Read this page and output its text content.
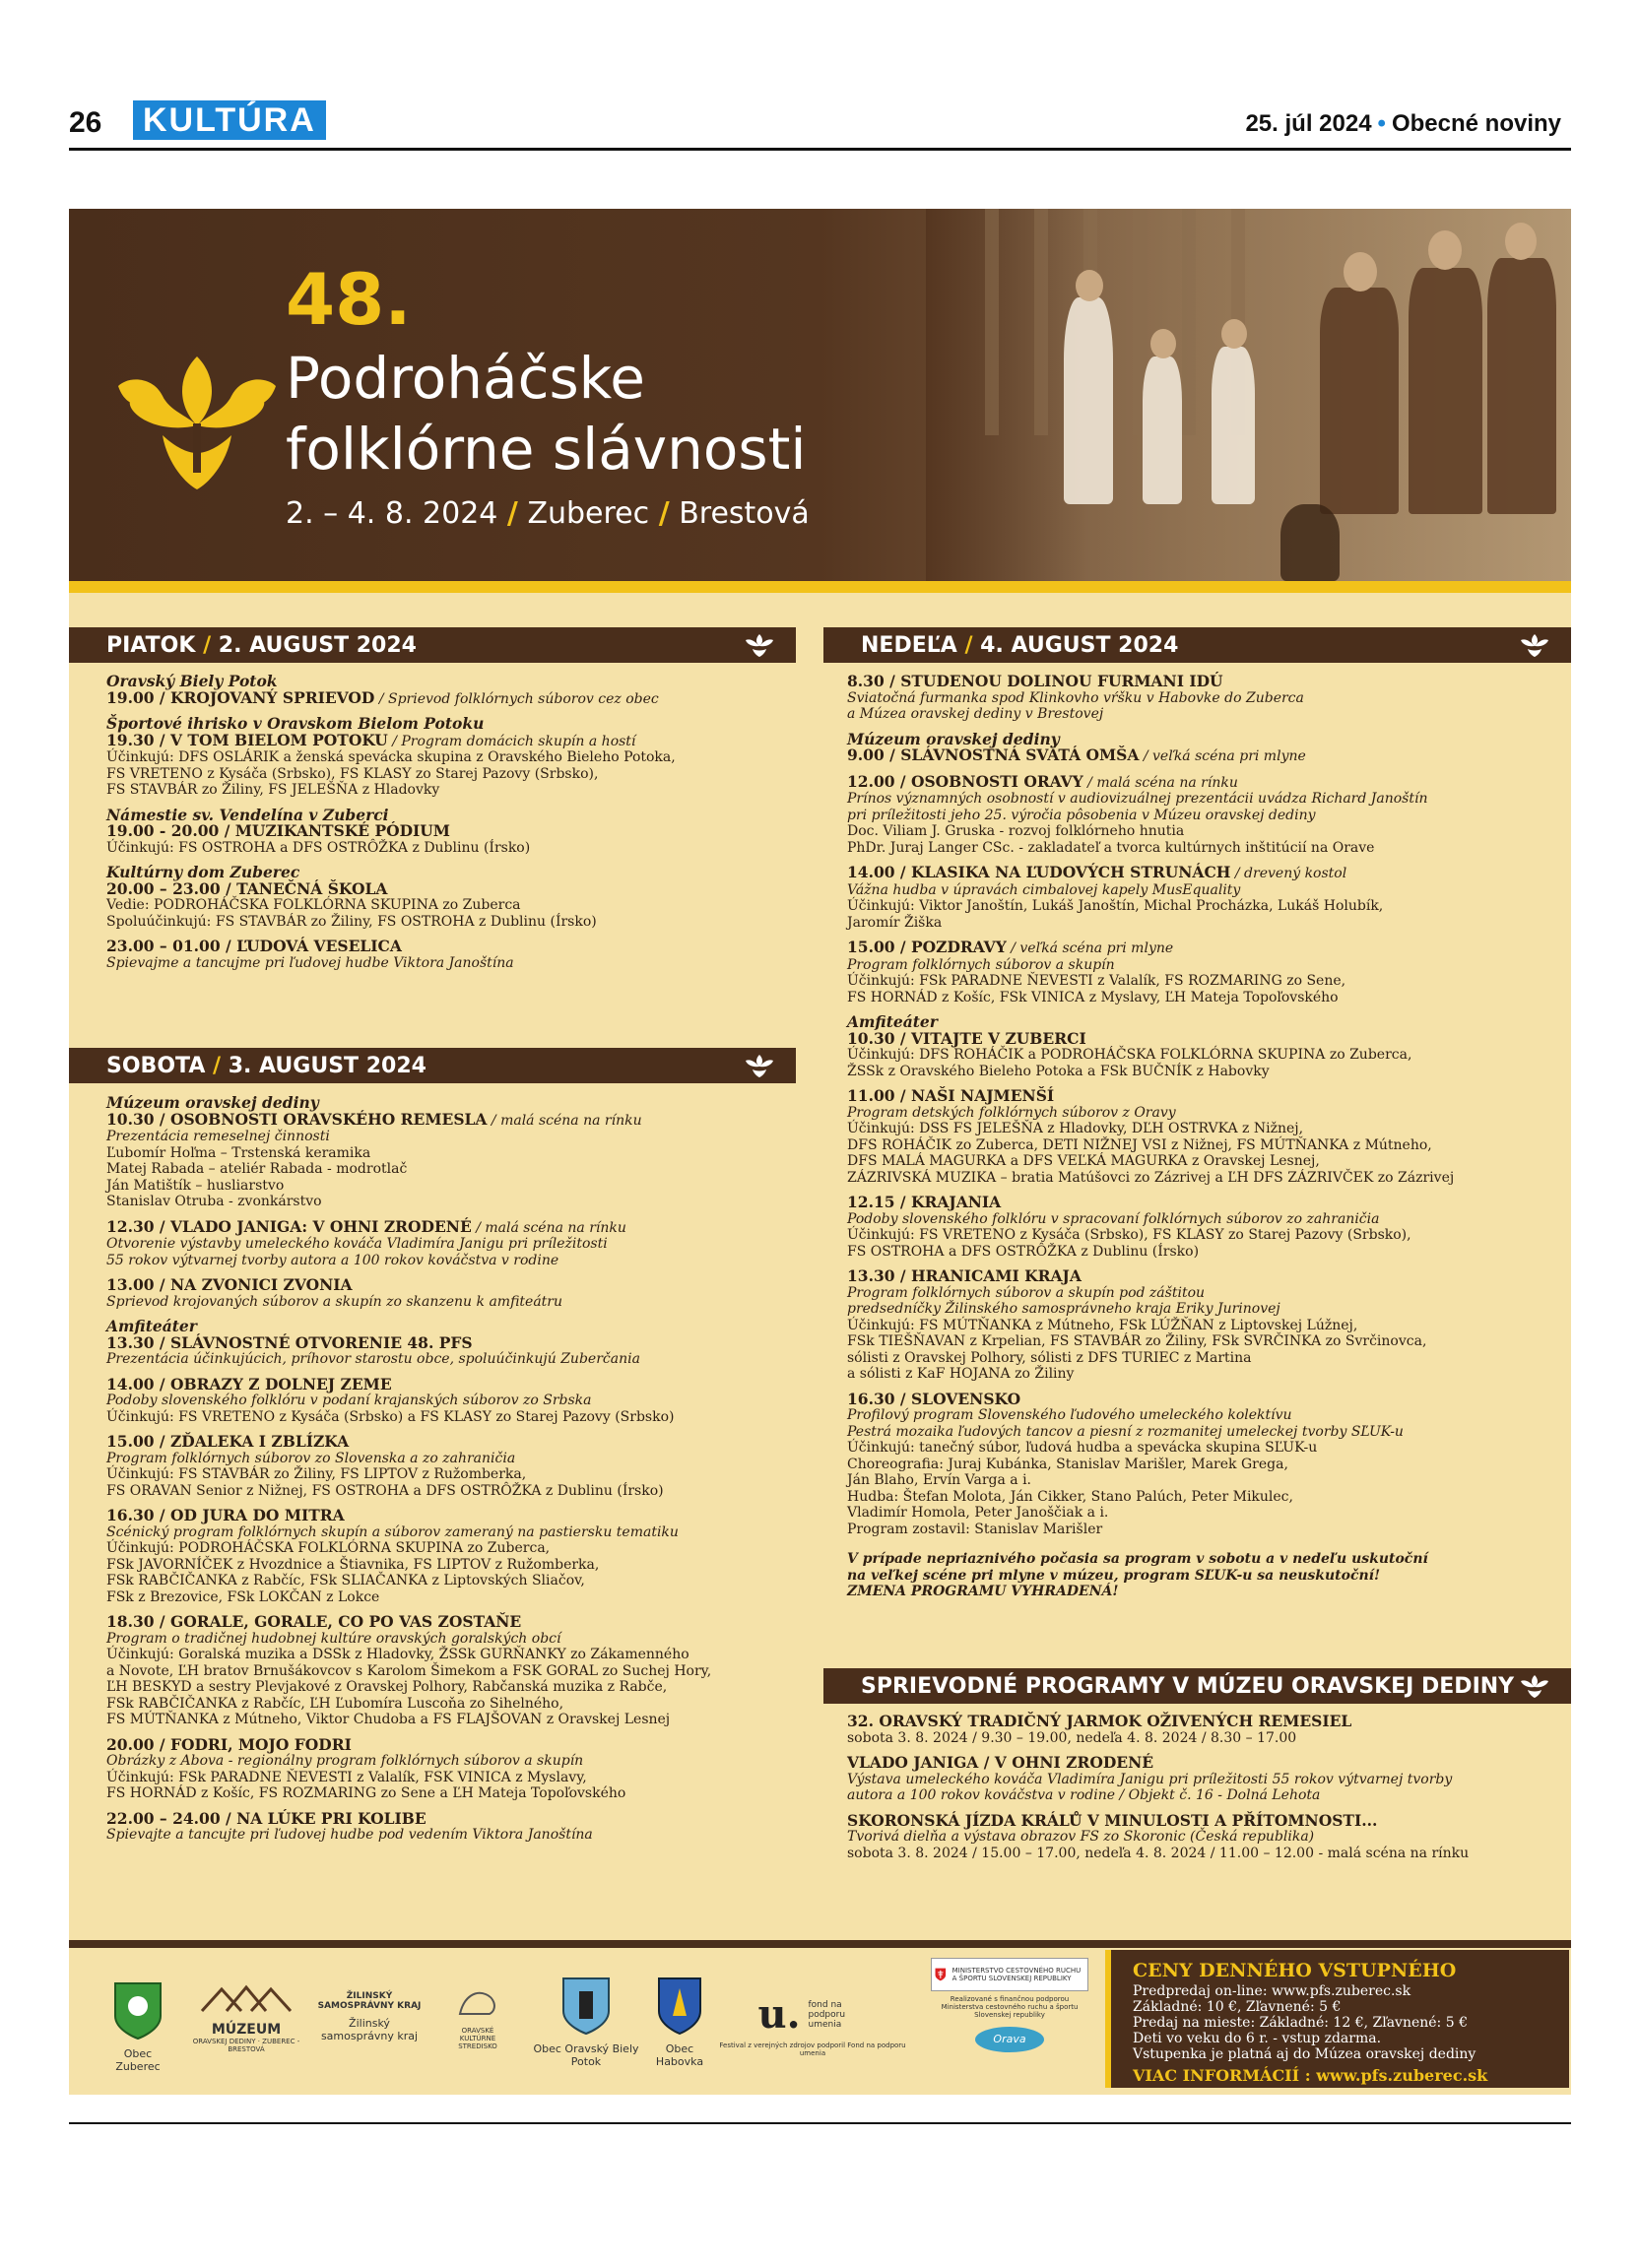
26 KULTÚRA	25. júl 2024 • Obecné noviny
48.
Podroháčske
folklórne slávnosti
2. – 4. 8. 2024 / Zuberec / Brestová
PIATOK / 2. AUGUST 2024
SOBOTA / 3. AUGUST 2024
NEDEĽA / 4. AUGUST 2024
SPRIEVODNÉ PROGRAMY V MÚZEU ORAVSKEJ DEDINY
Oravský Biely Potok
19.00 / KROJOVANÝ SPRIEVOD / Sprievod folklórnych súborov cez obec
Športové ihrisko v Oravskom Bielom Potoku
19.30 / V TOM BIELOM POTOKU / Program domácich skupín a hostí
Účinkujú: DFS OSLÁRIK a ženská spevácka skupina z Oravského Bieleho Potoka,
FS VRETENO z Kysáča (Srbsko), FS KLASY zo Starej Pazovy (Srbsko),
FS STAVBÁR zo Žiliny, FS JELEŠŇA z Hladovky
Námestie sv. Vendelína v Zuberci
19.00 - 20.00 / MUZIKANTSKÉ PÓDIUM
Účinkujú: FS OSTROHA a DFS OSTRÔŽKA z Dublinu (Írsko)
Kultúrny dom Zuberec
20.00 – 23.00 / TANEČNÁ ŠKOLA
Vedie: PODROHÁČSKA FOLKLÓRNA SKUPINA zo Zuberca
Spoluúčinkujú: FS STAVBÁR zo Žiliny, FS OSTROHA z Dublinu (Írsko)
23.00 – 01.00 / ĽUDOVÁ VESELICA
Spievajme a tancujme pri ľudovej hudbe Viktora Janoštína
Múzeum oravskej dediny
10.30 / OSOBNOSTI ORAVSKÉHO REMESLA / malá scéna na rínku
Prezentácia remeselnej činnosti
Ľubomír Hoľma – Trstenská keramika
Matej Rabada – ateliér Rabada - modrotlač
Ján Matištík – husliarstvo
Stanislav Otruba - zvonkárstvo
12.30 / VLADO JANIGA: V OHNI ZRODENÉ / malá scéna na rínku
Otvorenie výstavby umeleckého kováča Vladimíra Janigu pri príležitosti
55 rokov výtvarnej tvorby autora a 100 rokov kováčstva v rodine
13.00 / NA ZVONICI ZVONIA
Sprievod krojovaných súborov a skupín zo skanzenu k amfiteátru
Amfiteáter
13.30 / SLÁVNOSTNÉ OTVORENIE 48. PFS
Prezentácia účinkujúcich, príhovor starostu obce, spoluúčinkujú Zuberčania
14.00 / OBRAZY Z DOLNEJ ZEME
Podoby slovenského folklóru v podaní krajanských súborov zo Srbska
Účinkujú: FS VRETENO z Kysáča (Srbsko) a FS KLASY zo Starej Pazovy (Srbsko)
15.00 / ZĎALEKA I ZBLÍZKA
Program folklórnych súborov zo Slovenska a zo zahraničia
Účinkujú: FS STAVBÁR zo Žiliny, FS LIPTOV z Ružomberka,
FS ORAVAN Senior z Nižnej, FS OSTROHA a DFS OSTRÔŽKA z Dublinu (Írsko)
16.30 / OD JURA DO MITRA
Scénický program folklórnych skupín a súborov zameraný na pastiersku tematiku
Účinkujú: PODROHÁČSKA FOLKLÓRNA SKUPINA zo Zuberca,
FSk JAVORNÍČEK z Hvozdnice a Štiavnika, FS LIPTOV z Ružomberka,
FSk RABČIČANKA z Rabčíc, FSk SLIAČANKA z Liptovských Sliačov,
FSk z Brezovice, FSk LOKČAN z Lokce
18.30 / GORALE, GORALE, CO PO VAS ZOSTAŇE
Program o tradičnej hudobnej kultúre oravských goralských obcí
Účinkujú: Goralská muzika a DSSk z Hladovky, ŽSSk GURŇANKY zo Zákamenného
a Novote, ĽH bratov Brnušákovcov s Karolom Šimekom a FSK GORAL zo Suchej Hory,
ĽH BESKYD a sestry Plevjakové z Oravskej Polhory, Rabčanská muzika z Rabče,
FSk RABČIČANKA z Rabčíc, ĽH Ľubomíra Luscoňa zo Sihelného,
FS MÚTŇANKA z Mútneho, Viktor Chudoba a FS FLAJŠOVAN z Oravskej Lesnej
20.00 / FODRI, MOJO FODRI
Obrázky z Abova - regionálny program folklórnych súborov a skupín
Účinkujú: FSk PARADNE ŇEVESTI z Valalík, FSK VINICA z Myslavy,
FS HORNÁD z Košíc, FS ROZMARING zo Sene a ĽH Mateja Topoľovského
22.00 – 24.00 / NA LÚKE PRI KOLIBE
Spievajte a tancujte pri ľudovej hudbe pod vedením Viktora Janoštína
8.30 / STUDENOU DOLINOU FURMANI IDÚ
Sviatočná furmanka spod Klinkovho vŕšku v Habovke do Zuberca
a Múzea oravskej dediny v Brestovej
Múzeum oravskej dediny
9.00 / SLÁVNOSTNÁ SVÄTÁ OMŠA / veľká scéna pri mlyne
12.00 / OSOBNOSTI ORAVY / malá scéna na rínku
Prínos významných osobností v audiovizuálnej prezentácii uvádza Richard Janoštín
pri príležitosti jeho 25. výročia pôsobenia v Múzeu oravskej dediny
Doc. Viliam J. Gruska - rozvoj folklórneho hnutia
PhDr. Juraj Langer CSc. - zakladateľ a tvorca kultúrnych inštitúcií na Orave
14.00 / KLASIKA NA ĽUDOVÝCH STRUNÁCH / drevený kostol
Vážna hudba v úpravách cimbalovej kapely MusEquality
Účinkujú: Viktor Janoštín, Lukáš Janoštín, Michal Procházka, Lukáš Holubík,
Jaromír Žiška
15.00 / POZDRAVY / veľká scéna pri mlyne
Program folklórnych súborov a skupín
Účinkujú: FSk PARADNE ŇEVESTI z Valalík, FS ROZMARING zo Sene,
FS HORNÁD z Košíc, FSk VINICA z Myslavy, ĽH Mateja Topoľovského
Amfiteáter
10.30 / VITAJTE V ZUBERCI
Účinkujú: DFS ROHÁČIK a PODROHÁČSKA FOLKLÓRNA SKUPINA zo Zuberca,
ŽSSk z Oravského Bieleho Potoka a FSk BUČNÍK z Habovky
11.00 / NAŠI NAJMENŠÍ
Program detských folklórnych súborov z Oravy
Účinkujú: DSS FS JELEŠŇA z Hladovky, DĽH OSTRVKA z Nižnej,
DFS ROHÁČIK zo Zuberca, DETI NIŽNEJ VSI z Nižnej, FS MÚTŇANKA z Mútneho,
DFS MALÁ MAGURKA a DFS VEĽKÁ MAGURKA z Oravskej Lesnej,
ZÁZRIVSKÁ MUZIKA – bratia Matúšovci zo Zázrivej a ĽH DFS ZÁZRIVČEK zo Zázrivej
12.15 / KRAJANIA
Podoby slovenského folklóru v spracovaní folklórnych súborov zo zahraničia
Účinkujú: FS VRETENO z Kysáča (Srbsko), FS KLASY zo Starej Pazovy (Srbsko),
FS OSTROHA a DFS OSTRÔŽKA z Dublinu (Írsko)
13.30 / HRANICAMI KRAJA
Program folklórnych súborov a skupín pod záštitou
predsedníčky Žilinského samosprávneho kraja Eriky Jurinovej
Účinkujú: FS MÚTŇANKA z Mútneho, FSk LÚŽŇAN z Liptovskej Lúžnej,
FSk TIEŠŇAVAN z Krpelian, FS STAVBÁR zo Žiliny, FSk SVRČINKA zo Svrčinovca,
sólisti z Oravskej Polhory, sólisti z DFS TURIEC z Martina
a sólisti z KaF HOJANA zo Žiliny
16.30 / SLOVENSKO
Profilový program Slovenského ľudového umeleckého kolektívu
Pestrá mozaika ľudových tancov a piesní z rozmanitej umeleckej tvorby SĽUK-u
Účinkujú: tanečný súbor, ľudová hudba a spevácka skupina SĽUK-u
Choreografia: Juraj Kubánka, Stanislav Marišler, Marek Grega,
Ján Blaho, Ervín Varga a i.
Hudba: Štefan Molota, Ján Cikker, Stano Palúch, Peter Mikulec,
Vladimír Homola, Peter Janoščiak a i.
Program zostavil: Stanislav Marišler
V prípade nepriaznivého počasia sa program v sobotu a v nedeľu uskutoční
na veľkej scéne pri mlyne v múzeu, program SĽUK-u sa neuskutoční!
ZMENA PROGRAMU VYHRADENÁ!
32. ORAVSKÝ TRADIČNÝ JARMOK OŽIVENÝCH REMESIEL
sobota 3. 8. 2024 / 9.30 – 19.00, nedeľa 4. 8. 2024 / 8.30 – 17.00
VLADO JANIGA / V OHNI ZRODENÉ
Výstava umeleckého kováča Vladimíra Janigu pri príležitosti 55 rokov výtvarnej tvorby
autora a 100 rokov kováčstva v rodine / Objekt č. 16 - Dolná Lehota
SKORONSKÁ JÍZDA KRÁLŮ V MINULOSTI A PŘÍTOMNOSTI...
Tvorivá dielňa a výstava obrazov FS zo Skoronic (Česká republika)
sobota 3. 8. 2024 / 15.00 – 17.00, nedeľa 4. 8. 2024 / 11.00 – 12.00 - malá scéna na rínku
Obec Zuberec
MÚZEUM
ORAVSKEJ DEDINY · ZUBEREC - BRESTOVÁ
ŽILINSKÝ SAMOSPRÁVNY KRAJ
Žilinský samosprávny kraj	ORAVSKÉ KULTÚRNE STREDISKO	Obec Oravský Biely Potok
Obec Habovka
u. fond na podporu umenia
Festival z verejných zdrojov podporil Fond na podporu umenia
MINISTERSTVO CESTOVNÉHO RUCHU A ŠPORTU SLOVENSKEJ REPUBLIKY
Realizované s finančnou podporou Ministerstva cestovného ruchu a športu Slovenskej republiky
Orava
CENY DENNÉHO VSTUPNÉHO
Predpredaj on-line: www.pfs.zuberec.sk
Základné: 10 €, Zľavnené: 5 €
Predaj na mieste: Základné: 12 €, Zľavnené: 5 €
Deti vo veku do 6 r. - vstup zdarma.
Vstupenka je platná aj do Múzea oravskej dediny
VIAC INFORMÁCIÍ : www.pfs.zuberec.sk
